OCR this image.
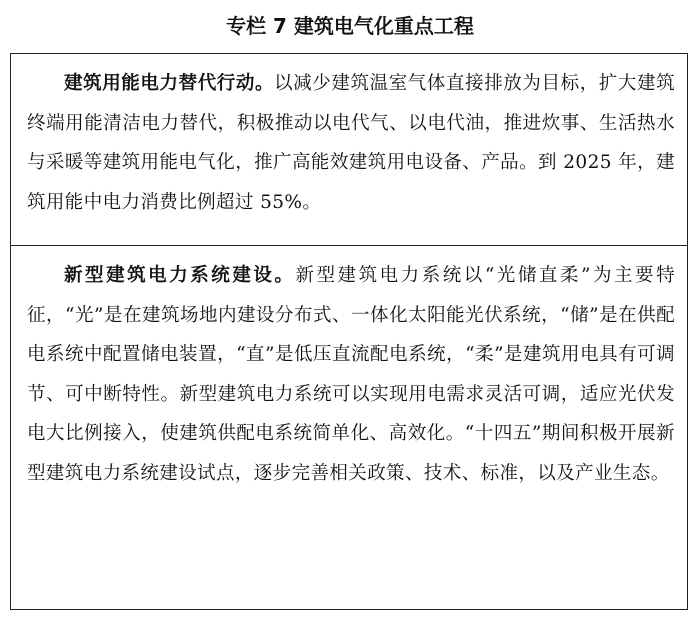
专栏 7 建筑电气化重点工程

建筑用能电力替代行动。以减少建筑温室气体直接排放为目标，扩大建筑终端用能清洁电力替代，积极推动以电代气、以电代油，推进炊事、生活热水与采暖等建筑用能电气化，推广高能效建筑用电设备、产品。到 2025 年，建筑用能中电力消费比例超过 55%。

新型建筑电力系统建设。新型建筑电力系统以“光储直柔”为主要特征，“光”是在建筑场地内建设分布式、一体化太阳能光伏系统，“储”是在供配电系统中配置储电装置，“直”是低压直流配电系统，“柔”是建筑用电具有可调节、可中断特性。新型建筑电力系统可以实现用电需求灵活可调，适应光伏发电大比例接入，使建筑供配电系统简单化、高效化。“十四五”期间积极开展新型建筑电力系统建设试点，逐步完善相关政策、技术、标准，以及产业生态。
